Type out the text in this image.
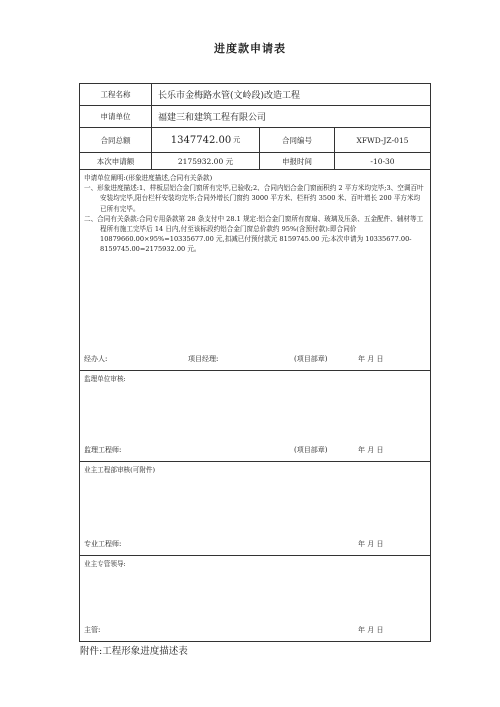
进度款申请表
工程名称	长乐市金梅路水管(文岭段)改造工程
申请单位	福建三和建筑工程有限公司
合同总额	1347742.00 元	合同编号	XFWD-JZ-015
本次申请额	2175932.00 元	申报时间	-10-30
申请单位阐明:(形象进度描述,合同有关条款)

一、形象进度描述:1、样板层铝合金门窗所有完毕,已验收;2、合同内铝合金门窗面积约 2 平方米均完毕;3、空调百叶安装均完毕,阳台栏杆安装均完毕;合同外增长门窗约 3000 平方米、栏杆约 3500 米、百叶增长 200 平方米均已所有完毕。

二、合同有关条款:合同专用条款第 28 条支付中 28.1 规定:铝合金门窗所有窗扇、玻璃及压条、五金配件、辅材等工程所有施工完毕后 14 日内,付至该标段约铝合金门窗总价款约 95%(含预付款):即合同价 10879660.00×95%=10335677.00 元,扣减已付预付款元 8159745.00 元;本次申请为 10335677.00-8159745.00=2175932.00 元。

经办人:	项目经理:	(项目部章)	年 月 日
监理单位审核:
监理工程师:	(项目部章)	年 月 日
业主工程部审核(可附件)
专业工程师:	年 月 日
业主专管领导:
主管:	年 月 日
附件:工程形象进度描述表
